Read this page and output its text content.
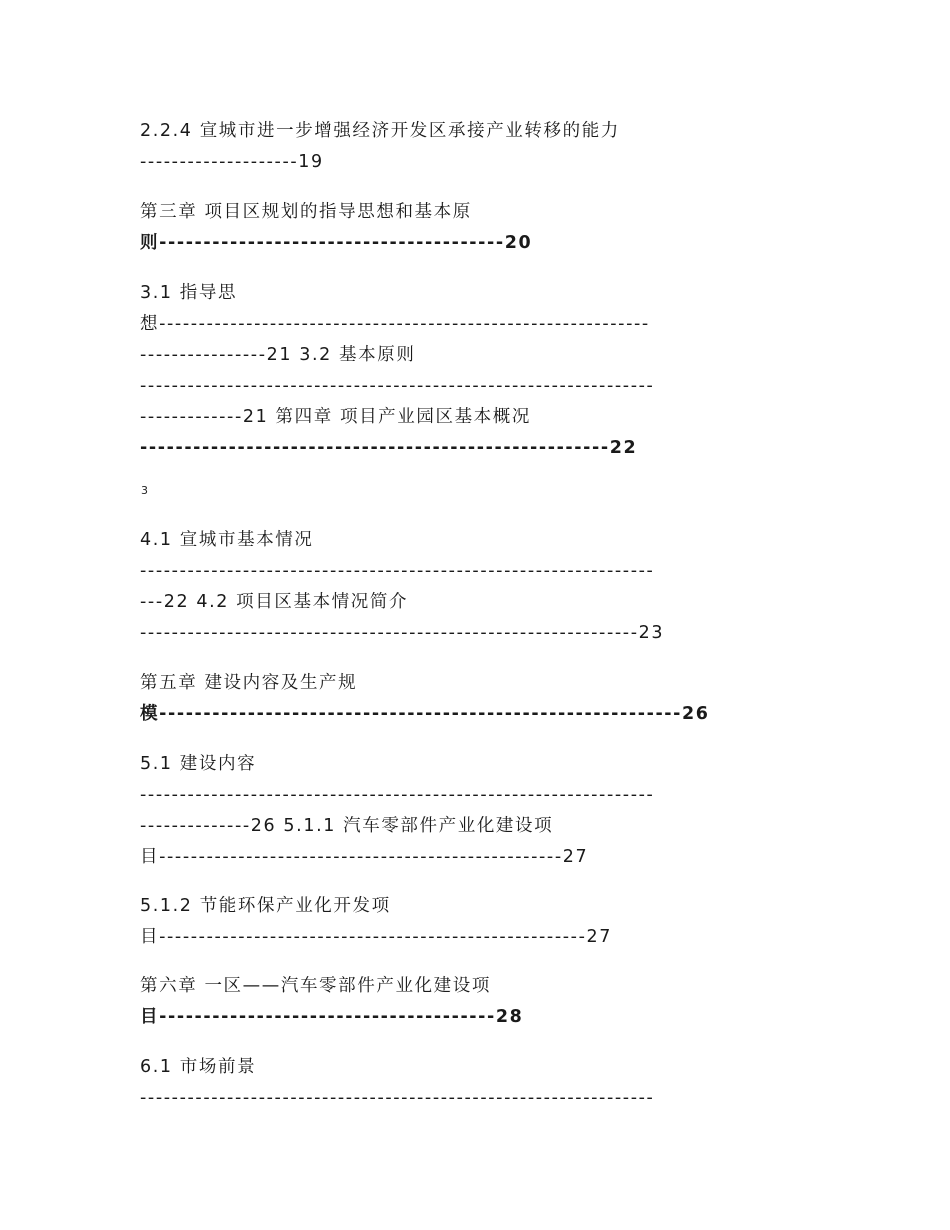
2.2.4 宣城市进一步增强经济开发区承接产业转移的能力

--------------------19

第三章 项目区规划的指导思想和基本原

则---------------------------------------20

3.1 指导思

想--------------------------------------------------------------

----------------21 3.2 基本原则

-----------------------------------------------------------------

-------------21 第四章 项目产业园区基本概况

-----------------------------------------------------22

3

4.1 宣城市基本情况

-----------------------------------------------------------------

---22 4.2 项目区基本情况简介

---------------------------------------------------------------23

第五章 建设内容及生产规

模-----------------------------------------------------------26

5.1 建设内容

-----------------------------------------------------------------

--------------26 5.1.1 汽车零部件产业化建设项

目---------------------------------------------------27

5.1.2 节能环保产业化开发项

目------------------------------------------------------27

第六章 一区——汽车零部件产业化建设项

目--------------------------------------28

6.1 市场前景

-----------------------------------------------------------------
